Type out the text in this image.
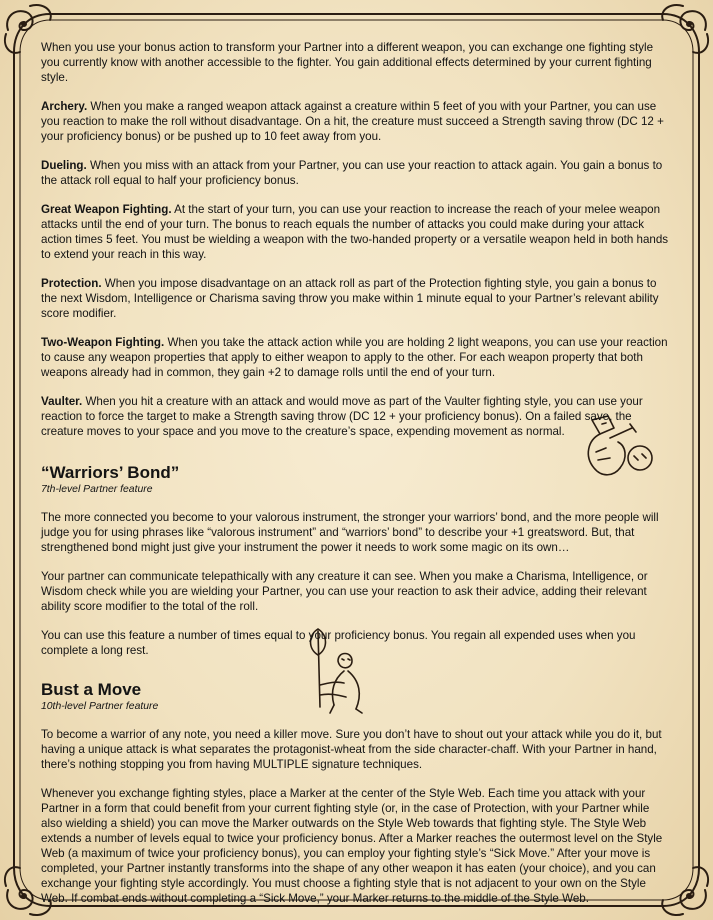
When you use your bonus action to transform your Partner into a different weapon, you can exchange one fighting style you currently know with another accessible to the fighter. You gain additional effects determined by your current fighting style.

Archery. When you make a ranged weapon attack against a creature within 5 feet of you with your Partner, you can use you reaction to make the roll without disadvantage. On a hit, the creature must succeed a Strength saving throw (DC 12 + your proficiency bonus) or be pushed up to 10 feet away from you.

Dueling. When you miss with an attack from your Partner, you can use your reaction to attack again. You gain a bonus to the attack roll equal to half your proficiency bonus.

Great Weapon Fighting. At the start of your turn, you can use your reaction to increase the reach of your melee weapon attacks until the end of your turn. The bonus to reach equals the number of attacks you could make during your attack action times 5 feet. You must be wielding a weapon with the two-handed property or a versatile weapon held in both hands to extend your reach in this way.

Protection. When you impose disadvantage on an attack roll as part of the Protection fighting style, you gain a bonus to the next Wisdom, Intelligence or Charisma saving throw you make within 1 minute equal to your Partner’s relevant ability score modifier.

Two-Weapon Fighting. When you take the attack action while you are holding 2 light weapons, you can use your reaction to cause any weapon properties that apply to either weapon to apply to the other. For each weapon property that both weapons already had in common, they gain +2 to damage rolls until the end of your turn.

Vaulter. When you hit a creature with an attack and would move as part of the Vaulter fighting style, you can use your reaction to force the target to make a Strength saving throw (DC 12 + your proficiency bonus). On a failed save, the creature moves to your space and you move to the creature’s space, expending movement as normal.

“Warriors’ Bond”
7th-level Partner feature

The more connected you become to your valorous instrument, the stronger your warriors’ bond, and the more people will judge you for using phrases like “valorous instrument” and “warriors’ bond” to describe your +1 greatsword. But, that strengthened bond might just give your instrument the power it needs to work some magic on its own…

Your partner can communicate telepathically with any creature it can see. When you make a Charisma, Intelligence, or Wisdom check while you are wielding your Partner, you can use your reaction to ask their advice, adding their relevant ability score modifier to the total of the roll.

You can use this feature a number of times equal to your proficiency bonus. You regain all expended uses when you complete a long rest.

Bust a Move
10th-level Partner feature

To become a warrior of any note, you need a killer move. Sure you don’t have to shout out your attack while you do it, but having a unique attack is what separates the protagonist-wheat from the side character-chaff. With your Partner in hand, there’s nothing stopping you from having MULTIPLE signature techniques.

Whenever you exchange fighting styles, place a Marker at the center of the Style Web. Each time you attack with your Partner in a form that could benefit from your current fighting style (or, in the case of Protection, with your Partner while also wielding a shield) you can move the Marker outwards on the Style Web towards that fighting style. The Style Web extends a number of levels equal to twice your proficiency bonus. After a Marker reaches the outermost level on the Style Web (a maximum of twice your proficiency bonus), you can employ your fighting style’s “Sick Move.” After your move is completed, your Partner instantly transforms into the shape of any other weapon it has eaten (your choice), and you can exchange your fighting style accordingly. You must choose a fighting style that is not adjacent to your own on the Style Web. If combat ends without completing a “Sick Move,” your Marker returns to the middle of the Style Web.
